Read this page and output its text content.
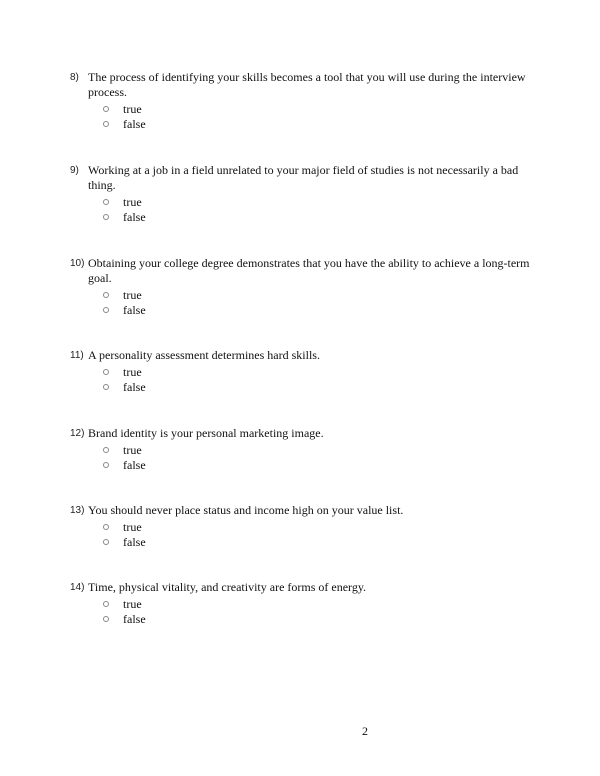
8) The process of identifying your skills becomes a tool that you will use during the interview process.
true
false
9) Working at a job in a field unrelated to your major field of studies is not necessarily a bad thing.
true
false
10) Obtaining your college degree demonstrates that you have the ability to achieve a long-term goal.
true
false
11) A personality assessment determines hard skills.
true
false
12) Brand identity is your personal marketing image.
true
false
13) You should never place status and income high on your value list.
true
false
14) Time, physical vitality, and creativity are forms of energy.
true
false
2
